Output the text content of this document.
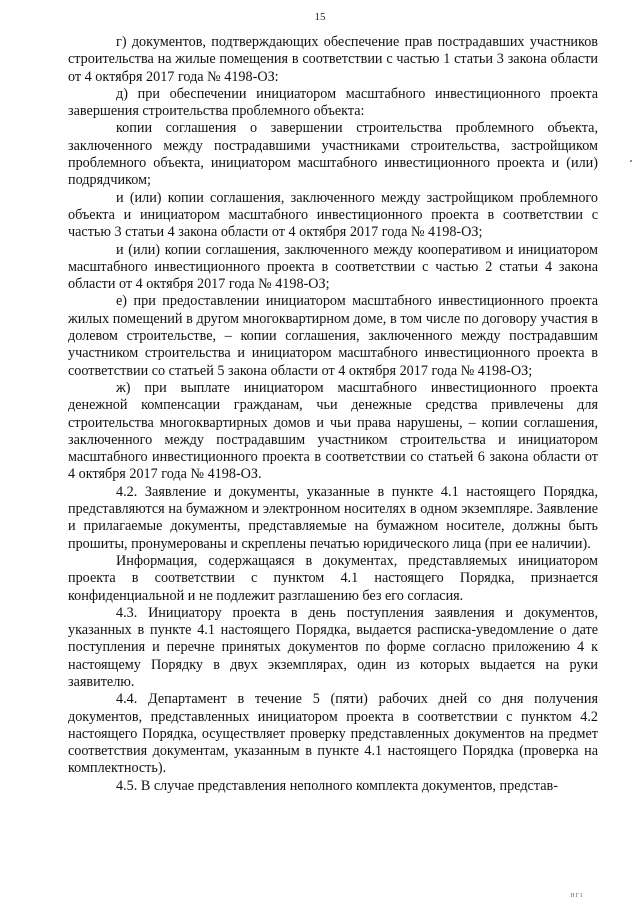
15

г) документов, подтверждающих обеспечение прав пострадавших участников строительства на жилые помещения в соответствии с частью 1 статьи 3 закона области от 4 октября 2017 года № 4198-ОЗ:

д) при обеспечении инициатором масштабного инвестиционного проекта завершения строительства проблемного объекта:

копии соглашения о завершении строительства проблемного объекта, заключенного между пострадавшими участниками строительства, застройщиком проблемного объекта, инициатором масштабного инвестиционного проекта и (или) подрядчиком;

и (или) копии соглашения, заключенного между застройщиком проблемного объекта и инициатором масштабного инвестиционного проекта в соответствии с частью 3 статьи 4 закона области от 4 октября 2017 года № 4198-ОЗ;

и (или) копии соглашения, заключенного между кооперативом и инициатором масштабного инвестиционного проекта в соответствии с частью 2 статьи 4 закона области от 4 октября 2017 года № 4198-ОЗ;

е) при предоставлении инициатором масштабного инвестиционного проекта жилых помещений в другом многоквартирном доме, в том числе по договору участия в долевом строительстве, – копии соглашения, заключенного между пострадавшим участником строительства и инициатором масштабного инвестиционного проекта в соответствии со статьей 5 закона области от 4 октября 2017 года № 4198-ОЗ;

ж) при выплате инициатором масштабного инвестиционного проекта денежной компенсации гражданам, чьи денежные средства привлечены для строительства многоквартирных домов и чьи права нарушены, – копии соглашения, заключенного между пострадавшим участником строительства и инициатором масштабного инвестиционного проекта в соответствии со статьей 6 закона области от 4 октября 2017 года № 4198-ОЗ.

4.2. Заявление и документы, указанные в пункте 4.1 настоящего Порядка, представляются на бумажном и электронном носителях в одном экземпляре. Заявление и прилагаемые документы, представляемые на бумажном носителе, должны быть прошиты, пронумерованы и скреплены печатью юридического лица (при ее наличии).

Информация, содержащаяся в документах, представляемых инициатором проекта в соответствии с пунктом 4.1 настоящего Порядка, признается конфиденциальной и не подлежит разглашению без его согласия.

4.3. Инициатору проекта в день поступления заявления и документов, указанных в пункте 4.1 настоящего Порядка, выдается расписка-уведомление о дате поступления и перечне принятых документов по форме согласно приложению 4 к настоящему Порядку в двух экземплярах, один из которых выдается на руки заявителю.

4.4. Департамент в течение 5 (пяти) рабочих дней со дня получения документов, представленных инициатором проекта в соответствии с пунктом 4.2 настоящего Порядка, осуществляет проверку представленных документов на предмет соответствия документам, указанным в пункте 4.1 настоящего Порядка (проверка на комплектность).

4.5. В случае представления неполного комплекта документов, представ-

НГ1
